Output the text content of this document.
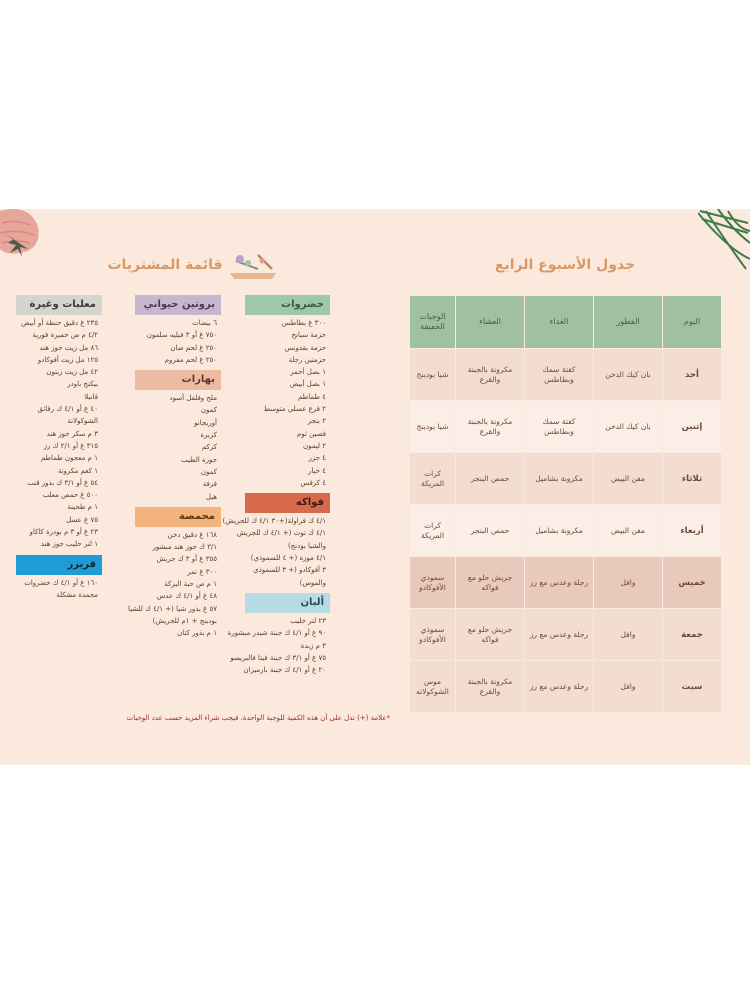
جدول الأسبوع الرابع
اليوم	الفطور	الغداء	العشاء	الوجبات الخفيفة
أحد	بان كيك الدخن	كفتة سمك وبطاطس	مكرونة بالجبنة والقرع	شيا بودينج
إثنين	بان كيك الدخن	كفتة سمك وبطاطس	مكرونة بالجبنة والقرع	شيا بودينج
ثلاثاء	مفن البيض	مكرونة بشاميل	حمص البنجر	كرات المريكة
أربعاء	مفن البيض	مكرونة بشاميل	حمص البنجر	كرات المريكة
خميس	وافل	رجلة وعدس مع رز	جريش حلو مع فواكه	سموذي الأفوكادو
جمعة	وافل	رجلة وعدس مع رز	جريش حلو مع فواكه	سموذي الأفوكادو
سبت	وافل	رجلة وعدس مع رز	مكرونة بالجبنة والقرع	موس الشوكولاته
قائمة المشتريات
خضروات
٣٠٠ غ بطاطس
حزمة سبانخ
حزمة بقدونس
حزمتين رجلة
١ بصل أحمر
١ بصل أبيض
٤ طماطم
٢ قرع عسلي متوسط
٢ بنجر
فصين ثوم
٢ ليمون
٤ جزر
٤ خيار
٤ كرفس
فواكه
٤/١ ك فراولة(+٣٠ ٤/١ ك للجريش)
٤/١ ك توت (+ ٤/١ ك للجريش
والشيا بودنج)
٤/١ موزة (+ ٤ للسموذي)
٣ أفوكادو (+ ٣ للسموذي
والموس)
ألبان
٢٣ لتر حليب
٩٠ غ أو ٤/١ ك جبنة شيدر مبشورة
٣ م زبدة
٧٥ غ أو ٣/١ ك جبنة فيتا فالبريسو
٢٠ غ أو ٤/١ ك جبنة بارميزان
بروتين حيواني
٦ بيضات
٧٥٠ غ أو ٣ فيليه سلمون
٢٥٠ غ لحم ضان
٢٥٠ غ لحم مفروم
بهارات
ملح وفلفل أسود
كمون
أوريجانو
كزبرة
كركم
جوزة الطيب
كمون
قرفة
هيل
محمصة
١٦٨ غ دقيق دخن
٣/١ ك جوز هند مبشور
٣٥٥ غ أو ٣ ك جريش
٣٠٠ غ تمر
١ م ص حبة البركة
٤٨ غ أو ٤/١ ك عدس
٥٧ غ بذور شيا (+ ٤/١ ك للشيا
بودينج + ١م للجريش)
١ م بذور كتان
معلبات وغيرة
٢٣٥ غ دقيق حنطة أو أبيض
٤/٢ م ص خميرة فورية
٨٦ مل زيت جوز هند
١٢٥ مل زيت أفوكادو
٤٢ مل زيت زيتون
بيكنج باودر
فانيلا
٤٠ غ أو ٤/١ ك رقائق
الشوكولاتة
٣ م سكر جوز هند
٣١٥ غ أو ٢/١ ك رز
١ م معجون طماطم
١ كغم مكرونة
٥٤ غ أو ٣/١ ك بذور قنب
٥٠٠ غ حمص معلب
١ م طحينة
٧٥ غ عسل
٢٣ غ أو ٣ م بودرة كاكاو
١ لتر حليب جوز هند
فريزر
١٦٠ غ أو ٤/١ ك خضروات
مجمدة مشكلة
*علامة (+) تدل على أن هذه الكمية للوجبة الواحدة، فيجب شراء المزيد حسب عدد الوجبات
